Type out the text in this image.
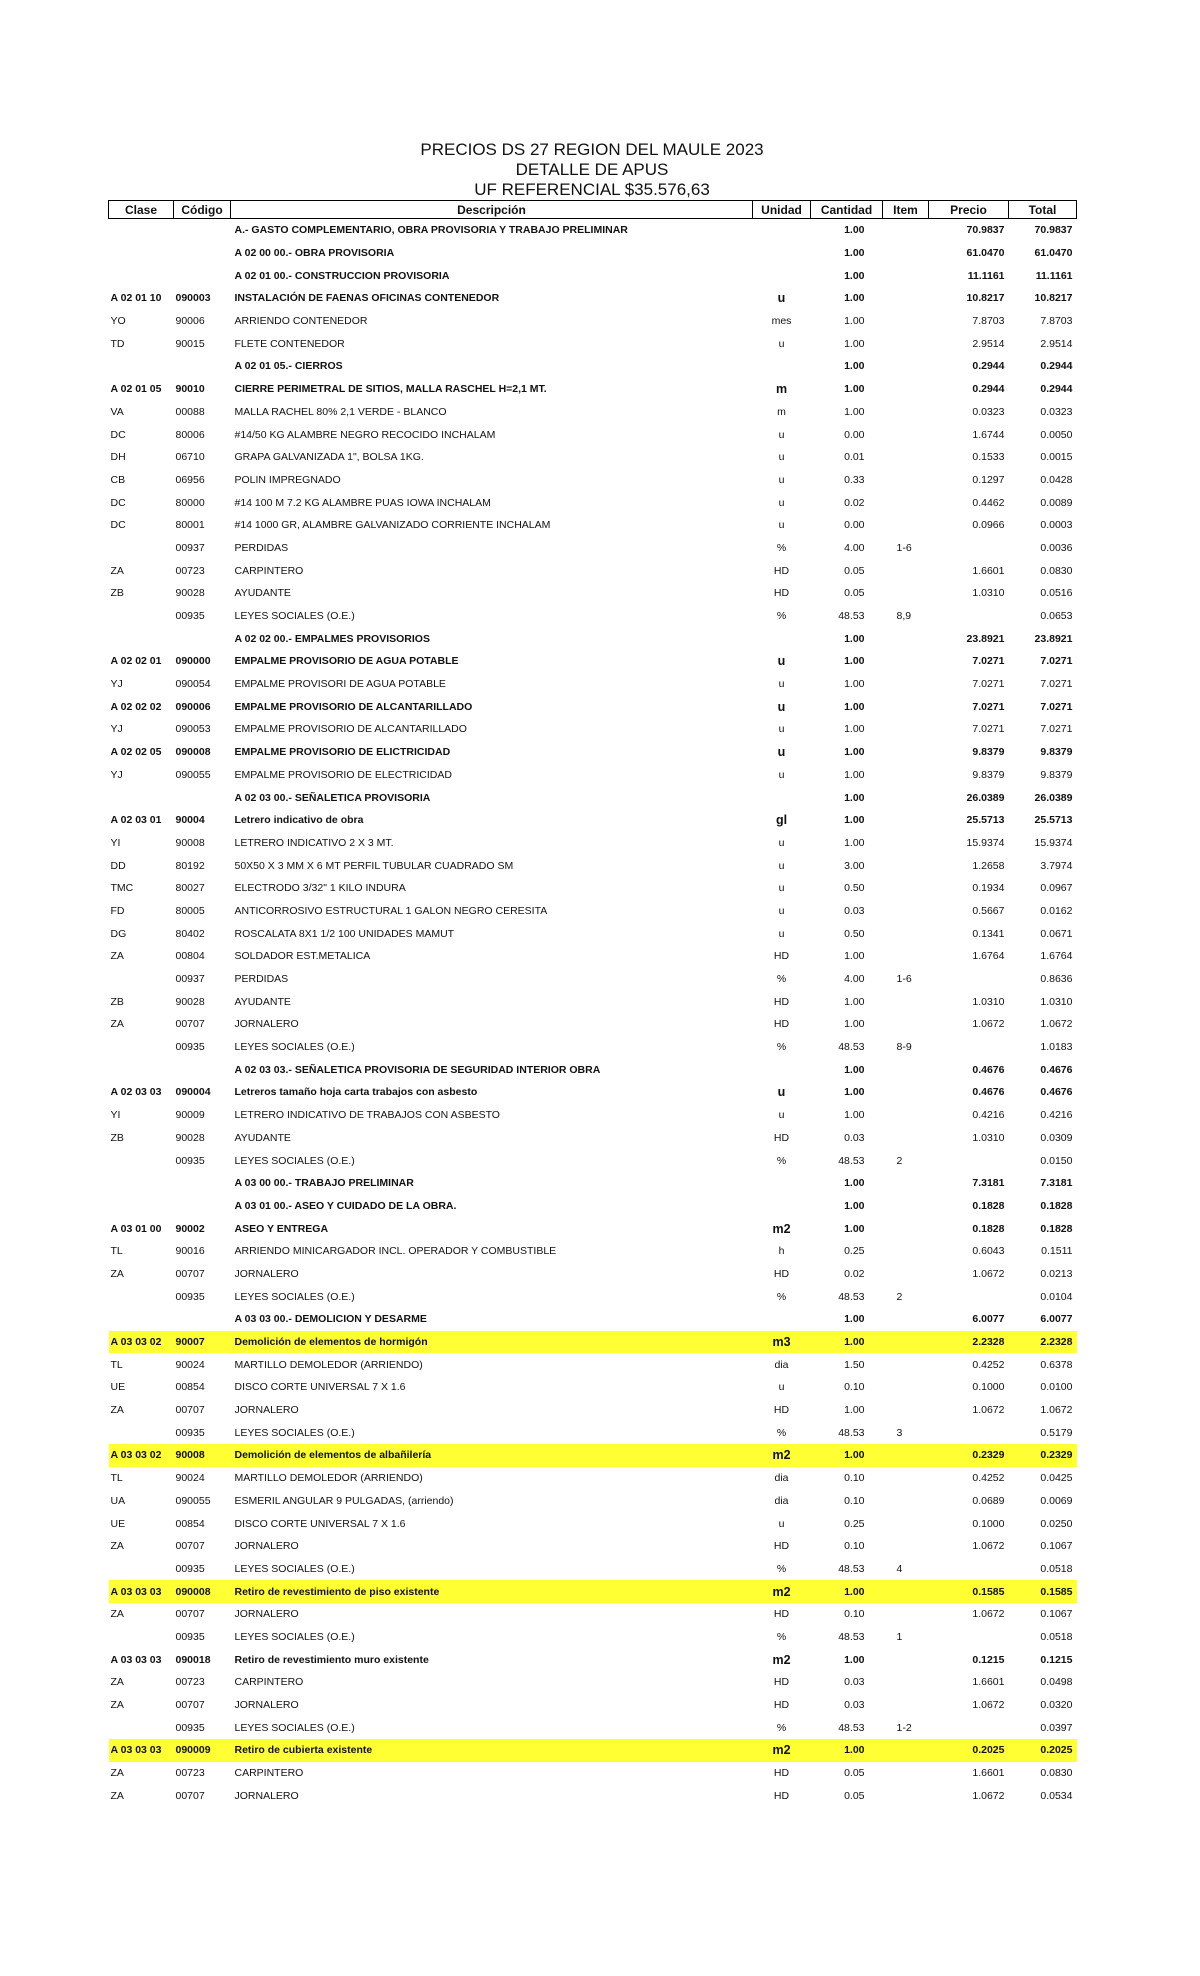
PRECIOS DS 27 REGION DEL MAULE 2023
DETALLE DE APUS
UF REFERENCIAL $35.576,63
Clase	Código	Descripción	Unidad	Cantidad	Item	Precio	Total
		A.- GASTO COMPLEMENTARIO, OBRA PROVISORIA Y TRABAJO PRELIMINAR		1.00		70.9837	70.9837
		A 02 00 00.- OBRA PROVISORIA		1.00		61.0470	61.0470
		A 02 01 00.- CONSTRUCCION PROVISORIA		1.00		11.1161	11.1161
A 02 01 10	090003	INSTALACIÓN DE FAENAS OFICINAS CONTENEDOR	u	1.00		10.8217	10.8217
YO	90006	ARRIENDO CONTENEDOR	mes	1.00		7.8703	7.8703
TD	90015	FLETE CONTENEDOR	u	1.00		2.9514	2.9514
		A 02 01 05.- CIERROS		1.00		0.2944	0.2944
A 02 01 05	90010	CIERRE PERIMETRAL DE SITIOS, MALLA RASCHEL H=2,1 MT.	m	1.00		0.2944	0.2944
VA	00088	MALLA RACHEL 80% 2,1 VERDE - BLANCO	m	1.00		0.0323	0.0323
DC	80006	#14/50 KG ALAMBRE NEGRO RECOCIDO INCHALAM	u	0.00		1.6744	0.0050
DH	06710	GRAPA GALVANIZADA 1", BOLSA 1KG.	u	0.01		0.1533	0.0015
CB	06956	POLIN IMPREGNADO	u	0.33		0.1297	0.0428
DC	80000	#14 100 M 7.2 KG ALAMBRE PUAS IOWA INCHALAM	u	0.02		0.4462	0.0089
DC	80001	#14 1000 GR, ALAMBRE GALVANIZADO CORRIENTE INCHALAM	u	0.00		0.0966	0.0003
	00937	PERDIDAS	%	4.00	1-6		0.0036
ZA	00723	CARPINTERO	HD	0.05		1.6601	0.0830
ZB	90028	AYUDANTE	HD	0.05		1.0310	0.0516
	00935	LEYES SOCIALES (O.E.)	%	48.53	8,9		0.0653
		A 02 02 00.- EMPALMES PROVISORIOS		1.00		23.8921	23.8921
A 02 02 01	090000	EMPALME PROVISORIO DE AGUA POTABLE	u	1.00		7.0271	7.0271
YJ	090054	EMPALME PROVISORI DE AGUA POTABLE	u	1.00		7.0271	7.0271
A 02 02 02	090006	EMPALME PROVISORIO DE ALCANTARILLADO	u	1.00		7.0271	7.0271
YJ	090053	EMPALME PROVISORIO DE ALCANTARILLADO	u	1.00		7.0271	7.0271
A 02 02 05	090008	EMPALME PROVISORIO DE ELICTRICIDAD	u	1.00		9.8379	9.8379
YJ	090055	EMPALME PROVISORIO DE ELECTRICIDAD	u	1.00		9.8379	9.8379
		A 02 03 00.- SEÑALETICA PROVISORIA		1.00		26.0389	26.0389
A 02 03 01	90004	Letrero indicativo de obra	gl	1.00		25.5713	25.5713
YI	90008	LETRERO INDICATIVO 2 X 3 MT.	u	1.00		15.9374	15.9374
DD	80192	50X50 X 3 MM X 6 MT PERFIL TUBULAR CUADRADO SM	u	3.00		1.2658	3.7974
TMC	80027	ELECTRODO 3/32" 1 KILO INDURA	u	0.50		0.1934	0.0967
FD	80005	ANTICORROSIVO ESTRUCTURAL 1 GALON NEGRO CERESITA	u	0.03		0.5667	0.0162
DG	80402	ROSCALATA 8X1 1/2 100 UNIDADES MAMUT	u	0.50		0.1341	0.0671
ZA	00804	SOLDADOR EST.METALICA	HD	1.00		1.6764	1.6764
	00937	PERDIDAS	%	4.00	1-6		0.8636
ZB	90028	AYUDANTE	HD	1.00		1.0310	1.0310
ZA	00707	JORNALERO	HD	1.00		1.0672	1.0672
	00935	LEYES SOCIALES (O.E.)	%	48.53	8-9		1.0183
		A 02 03 03.- SEÑALETICA PROVISORIA DE SEGURIDAD INTERIOR OBRA		1.00		0.4676	0.4676
A 02 03 03	090004	Letreros tamaño hoja carta trabajos con asbesto	u	1.00		0.4676	0.4676
YI	90009	LETRERO INDICATIVO DE TRABAJOS CON ASBESTO	u	1.00		0.4216	0.4216
ZB	90028	AYUDANTE	HD	0.03		1.0310	0.0309
	00935	LEYES SOCIALES (O.E.)	%	48.53	2		0.0150
		A 03 00 00.- TRABAJO PRELIMINAR		1.00		7.3181	7.3181
		A 03 01 00.- ASEO Y CUIDADO DE LA OBRA.		1.00		0.1828	0.1828
A 03 01 00	90002	ASEO Y ENTREGA	m2	1.00		0.1828	0.1828
TL	90016	ARRIENDO MINICARGADOR INCL. OPERADOR Y COMBUSTIBLE	h	0.25		0.6043	0.1511
ZA	00707	JORNALERO	HD	0.02		1.0672	0.0213
	00935	LEYES SOCIALES (O.E.)	%	48.53	2		0.0104
		A 03 03 00.- DEMOLICION Y DESARME		1.00		6.0077	6.0077
A 03 03 02	90007	Demolición de elementos de hormigón	m3	1.00		2.2328	2.2328
TL	90024	MARTILLO DEMOLEDOR (ARRIENDO)	dia	1.50		0.4252	0.6378
UE	00854	DISCO CORTE UNIVERSAL 7 X 1.6	u	0.10		0.1000	0.0100
ZA	00707	JORNALERO	HD	1.00		1.0672	1.0672
	00935	LEYES SOCIALES (O.E.)	%	48.53	3		0.5179
A 03 03 02	90008	Demolición de elementos de albañilería	m2	1.00		0.2329	0.2329
TL	90024	MARTILLO DEMOLEDOR (ARRIENDO)	dia	0.10		0.4252	0.0425
UA	090055	ESMERIL ANGULAR 9 PULGADAS, (arriendo)	dia	0.10		0.0689	0.0069
UE	00854	DISCO CORTE UNIVERSAL 7 X 1.6	u	0.25		0.1000	0.0250
ZA	00707	JORNALERO	HD	0.10		1.0672	0.1067
	00935	LEYES SOCIALES (O.E.)	%	48.53	4		0.0518
A 03 03 03	090008	Retiro de revestimiento de piso existente	m2	1.00		0.1585	0.1585
ZA	00707	JORNALERO	HD	0.10		1.0672	0.1067
	00935	LEYES SOCIALES (O.E.)	%	48.53	1		0.0518
A 03 03 03	090018	Retiro de revestimiento muro existente	m2	1.00		0.1215	0.1215
ZA	00723	CARPINTERO	HD	0.03		1.6601	0.0498
ZA	00707	JORNALERO	HD	0.03		1.0672	0.0320
	00935	LEYES SOCIALES (O.E.)	%	48.53	1-2		0.0397
A 03 03 03	090009	Retiro de cubierta existente	m2	1.00		0.2025	0.2025
ZA	00723	CARPINTERO	HD	0.05		1.6601	0.0830
ZA	00707	JORNALERO	HD	0.05		1.0672	0.0534
